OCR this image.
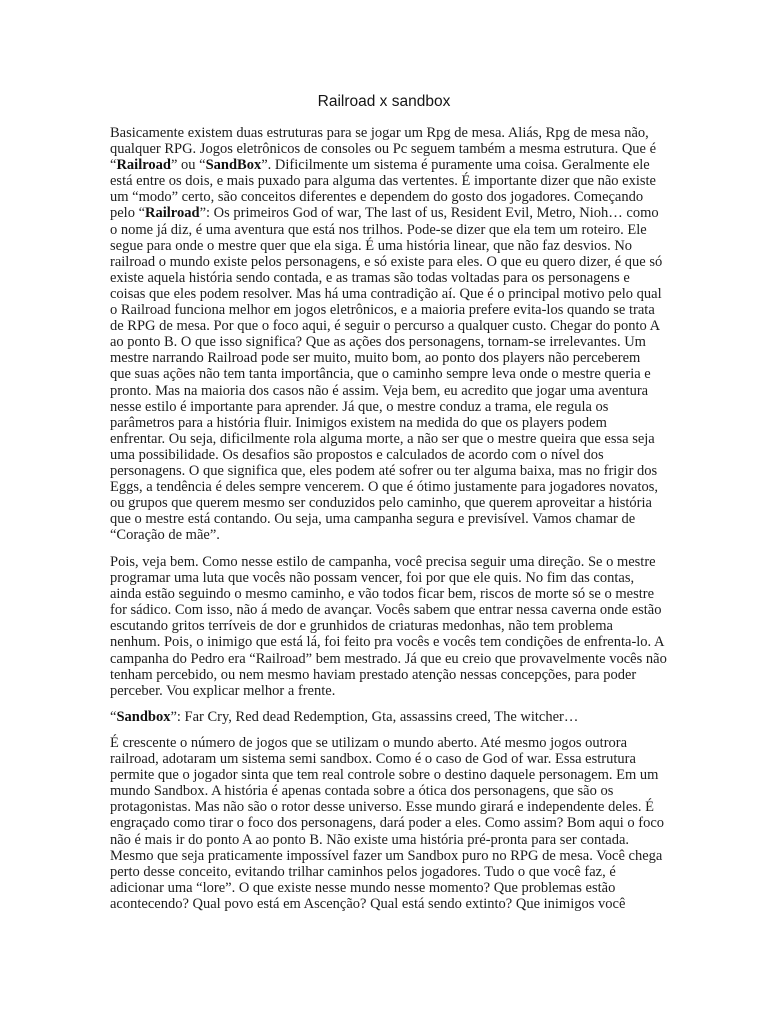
Railroad x sandbox
Basicamente existem duas estruturas para se jogar um Rpg de mesa. Aliás, Rpg de mesa não,
qualquer RPG. Jogos eletrônicos de consoles ou Pc seguem também a mesma estrutura. Que é
“Railroad” ou “SandBox”. Dificilmente um sistema é puramente uma coisa. Geralmente ele
está entre os dois, e mais puxado para alguma das vertentes. É importante dizer que não existe
um “modo” certo, são conceitos diferentes e dependem do gosto dos jogadores. Começando
pelo “Railroad”: Os primeiros God of war, The last of us, Resident Evil, Metro, Nioh… como
o nome já diz, é uma aventura que está nos trilhos. Pode-se dizer que ela tem um roteiro. Ele
segue para onde o mestre quer que ela siga. É uma história linear, que não faz desvios. No
railroad o mundo existe pelos personagens, e só existe para eles. O que eu quero dizer, é que só
existe aquela história sendo contada, e as tramas são todas voltadas para os personagens e
coisas que eles podem resolver. Mas há uma contradição aí. Que é o principal motivo pelo qual
o Railroad funciona melhor em jogos eletrônicos, e a maioria prefere evita-los quando se trata
de RPG de mesa. Por que o foco aqui, é seguir o percurso a qualquer custo. Chegar do ponto A
ao ponto B. O que isso significa? Que as ações dos personagens, tornam-se irrelevantes. Um
mestre narrando Railroad pode ser muito, muito bom, ao ponto dos players não perceberem
que suas ações não tem tanta importância, que o caminho sempre leva onde o mestre queria e
pronto. Mas na maioria dos casos não é assim. Veja bem, eu acredito que jogar uma aventura
nesse estilo é importante para aprender. Já que, o mestre conduz a trama, ele regula os
parâmetros para a história fluir. Inimigos existem na medida do que os players podem
enfrentar. Ou seja, dificilmente rola alguma morte, a não ser que o mestre queira que essa seja
uma possibilidade. Os desafios são propostos e calculados de acordo com o nível dos
personagens. O que significa que, eles podem até sofrer ou ter alguma baixa, mas no frigir dos
Eggs, a tendência é deles sempre vencerem. O que é ótimo justamente para jogadores novatos,
ou grupos que querem mesmo ser conduzidos pelo caminho, que querem aproveitar a história
que o mestre está contando. Ou seja, uma campanha segura e previsível. Vamos chamar de
“Coração de mãe”.
Pois, veja bem. Como nesse estilo de campanha, você precisa seguir uma direção. Se o mestre
programar uma luta que vocês não possam vencer, foi por que ele quis. No fim das contas,
ainda estão seguindo o mesmo caminho, e vão todos ficar bem, riscos de morte só se o mestre
for sádico. Com isso, não á medo de avançar. Vocês sabem que entrar nessa caverna onde estão
escutando gritos terríveis de dor e grunhidos de criaturas medonhas, não tem problema
nenhum. Pois, o inimigo que está lá, foi feito pra vocês e vocês tem condições de enfrenta-lo. A
campanha do Pedro era “Railroad” bem mestrado. Já que eu creio que provavelmente vocês não
tenham percebido, ou nem mesmo haviam prestado atenção nessas concepções, para poder
perceber. Vou explicar melhor a frente.
“Sandbox”: Far Cry, Red dead Redemption, Gta, assassins creed, The witcher…
É crescente o número de jogos que se utilizam o mundo aberto. Até mesmo jogos outrora
railroad, adotaram um sistema semi sandbox. Como é o caso de God of war. Essa estrutura
permite que o jogador sinta que tem real controle sobre o destino daquele personagem. Em um
mundo Sandbox. A história é apenas contada sobre a ótica dos personagens, que são os
protagonistas. Mas não são o rotor desse universo. Esse mundo girará e independente deles. É
engraçado como tirar o foco dos personagens, dará poder a eles. Como assim? Bom aqui o foco
não é mais ir do ponto A ao ponto B. Não existe uma história pré-pronta para ser contada.
Mesmo que seja praticamente impossível fazer um Sandbox puro no RPG de mesa. Você chega
perto desse conceito, evitando trilhar caminhos pelos jogadores. Tudo o que você faz, é
adicionar uma “lore”. O que existe nesse mundo nesse momento? Que problemas estão
acontecendo? Qual povo está em Ascenção? Qual está sendo extinto? Que inimigos você
